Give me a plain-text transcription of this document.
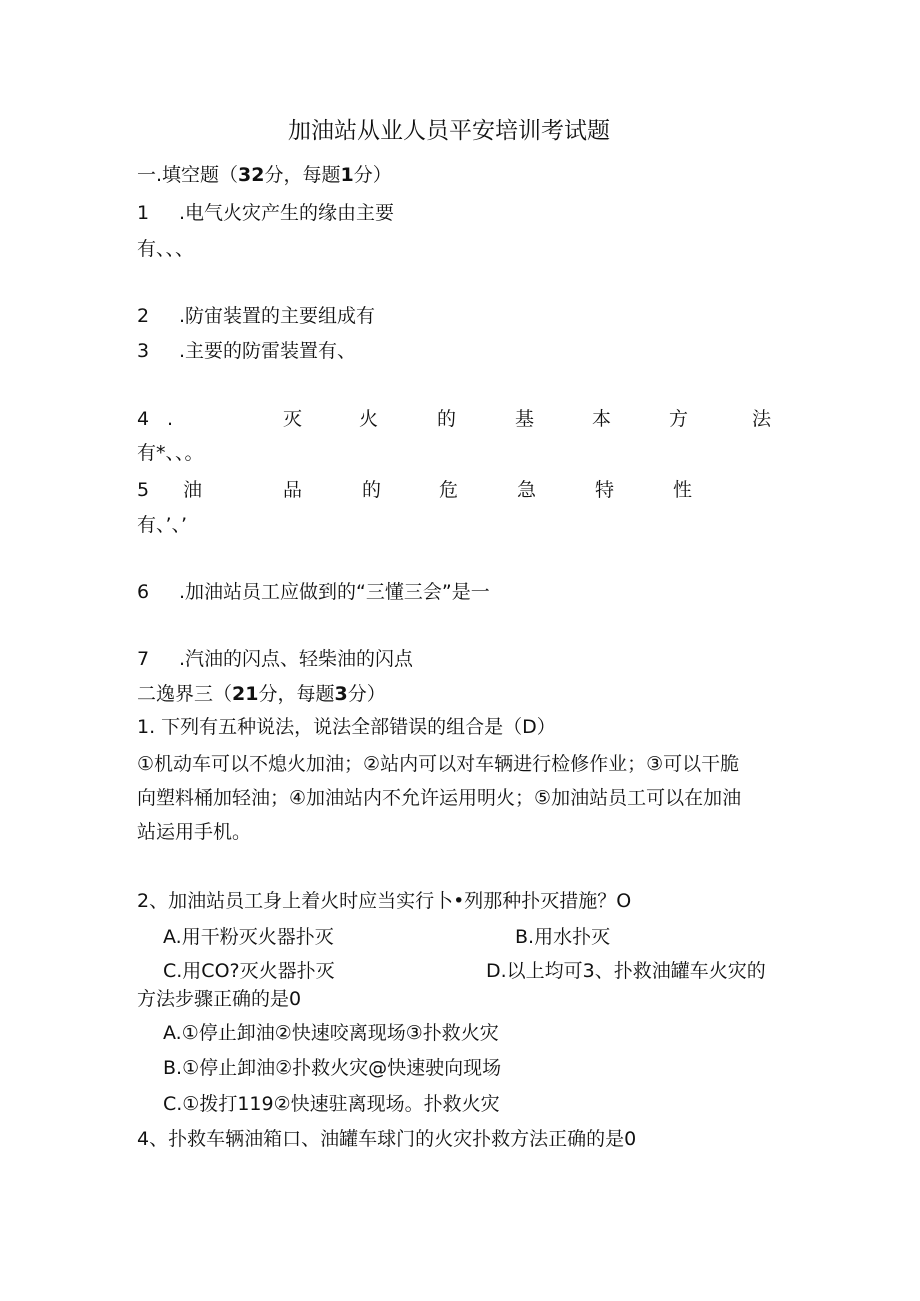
加油站从业人员平安培训考试题
一.填空题（32分，每题1分）
1 .电气火灾产生的缘由主要
有、、、
2 .防宙装置的主要组成有
3 .主要的防雷装置有、
4 .	灭	火	的	基	本	方	法
有*、、。
5 油	品	的	危	急	特	性
有、’、’
6 .加油站员工应做到的“三懂三会”是一
7 .汽油的闪点、轻柴油的闪点
二逸界三（21分，每题3分）
1. 下列有五种说法，说法全部错误的组合是（D）
①机动车可以不熄火加油；②站内可以对车辆进行检修作业；③可以干脆
向塑料桶加轻油；④加油站内不允许运用明火；⑤加油站员工可以在加油
站运用手机。
2、加油站员工身上着火时应当实行卜•列那种扑灭措施？O
A.用干粉灭火器扑灭	B.用水扑灭
C.用CO?灭火器扑灭	D.以上均可3、扑救油罐车火灾的
方法步骤正确的是0
A.①停止卸油②快速咬离现场③扑救火灾
B.①停止卸油②扑救火灾@快速驶向现场
C.①拨打119②快速驻离现场。扑救火灾
4、扑救车辆油箱口、油罐车球门的火灾扑救方法正确的是0
